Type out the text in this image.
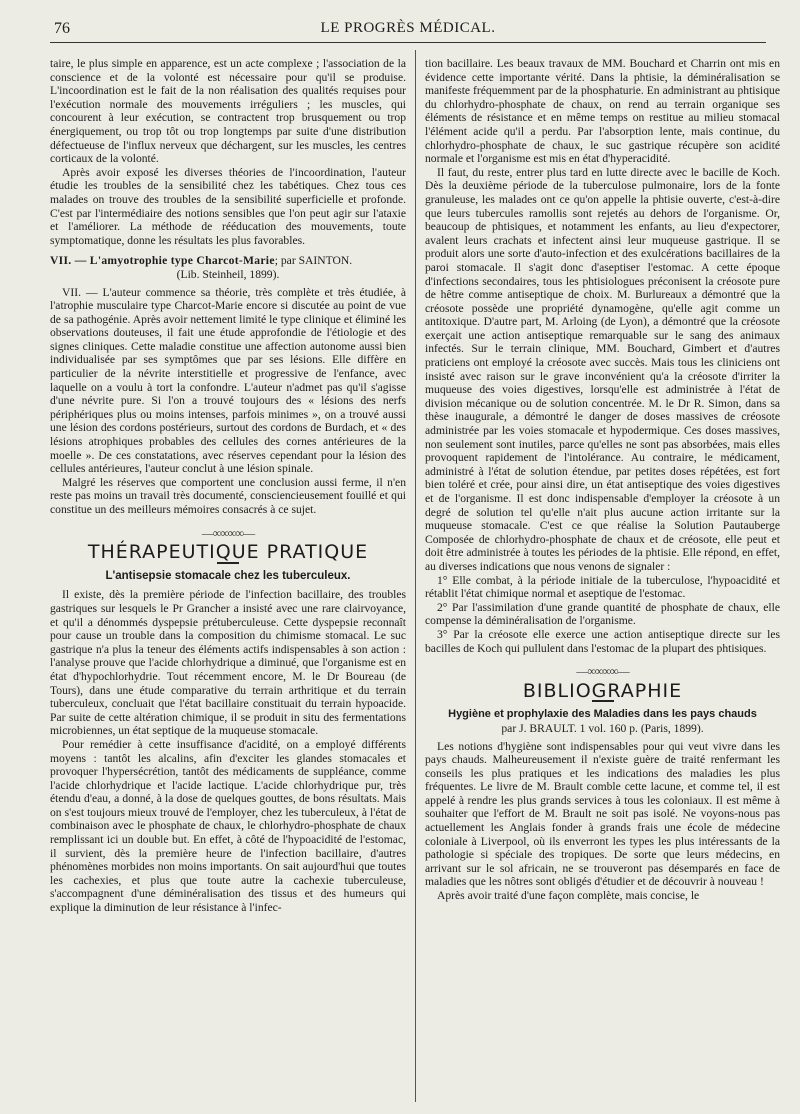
76	LE PROGRÈS MÉDICAL.

taire, le plus simple en apparence, est un acte complexe ; l'association de la conscience et de la volonté est nécessaire pour qu'il se produise. L'incoordination est le fait de la non réalisation des qualités requises pour l'exécution normale des mouvements irréguliers ; les muscles, qui concourent à leur exécution, se contractent trop brusquement ou trop énergiquement, ou trop tôt ou trop longtemps par suite d'une distribution défectueuse de l'influx nerveux que déchargent, sur les muscles, les centres corticaux de la volonté.

Après avoir exposé les diverses théories de l'incoordination, l'auteur étudie les troubles de la sensibilité chez les tabétiques. Chez tous ces malades on trouve des troubles de la sensibilité superficielle et profonde. C'est par l'intermédiaire des notions sensibles que l'on peut agir sur l'ataxie et l'améliorer. La méthode de rééducation des mouvements, toute symptomatique, donne les résultats les plus favorables.

VII. — L'amyotrophie type Charcot-Marie; par SAINTON.

(Lib. Steinheil, 1899).

VII. — L'auteur commence sa théorie, très complète et très étudiée, à l'atrophie musculaire type Charcot-Marie encore si discutée au point de vue de sa pathogénie. Après avoir nettement limité le type clinique et éliminé les observations douteuses, il fait une étude approfondie de l'étiologie et des signes cliniques. Cette maladie constitue une affection autonome aussi bien individualisée par ses symptômes que par ses lésions. Elle diffère en particulier de la névrite interstitielle et progressive de l'enfance, avec laquelle on a voulu à tort la confondre. L'auteur n'admet pas qu'il s'agisse d'une névrite pure. Si l'on a trouvé toujours des « lésions des nerfs périphériques plus ou moins intenses, parfois minimes », on a trouvé aussi une lésion des cordons postérieurs, surtout des cordons de Burdach, et « des lésions atrophiques probables des cellules des cornes antérieures de la moelle ». De ces constatations, avec réserves cependant pour la lésion des cellules antérieures, l'auteur conclut à une lésion spinale.

Malgré les réserves que comportent une conclusion aussi ferme, il n'en reste pas moins un travail très documenté, consciencieusement fouillé et qui constitue un des meilleurs mémoires consacrés à ce sujet.

—∞∞∞∞—
THÉRAPEUTIQUE PRATIQUE
L'antisepsie stomacale chez les tuberculeux.

Il existe, dès la première période de l'infection bacillaire, des troubles gastriques sur lesquels le Pr Grancher a insisté avec une rare clairvoyance, et qu'il a dénommés dyspepsie prétuberculeuse. Cette dyspepsie reconnaît pour cause un trouble dans la composition du chimisme stomacal. Le suc gastrique n'a plus la teneur des éléments actifs indispensables à son action : l'analyse prouve que l'acide chlorhydrique a diminué, que l'organisme est en état d'hypochlorhydrie. Tout récemment encore, M. le Dr Boureau (de Tours), dans une étude comparative du terrain arthritique et du terrain tuberculeux, concluait que l'état bacillaire constituait du terrain hypoacide. Par suite de cette altération chimique, il se produit in situ des fermentations microbiennes, un état septique de la muqueuse stomacale.

Pour remédier à cette insuffisance d'acidité, on a employé différents moyens : tantôt les alcalins, afin d'exciter les glandes stomacales et provoquer l'hypersécrétion, tantôt des médicaments de suppléance, comme l'acide chlorhydrique et l'acide lactique. L'acide chlorhydrique pur, très étendu d'eau, a donné, à la dose de quelques gouttes, de bons résultats. Mais on s'est toujours mieux trouvé de l'employer, chez les tuberculeux, à l'état de combinaison avec le phosphate de chaux, le chlorhydro-phosphate de chaux remplissant ici un double but. En effet, à côté de l'hypoacidité de l'estomac, il survient, dès la première heure de l'infection bacillaire, d'autres phénomènes morbides non moins importants. On sait aujourd'hui que toutes les cachexies, et plus que toute autre la cachexie tuberculeuse, s'accompagnent d'une déminéralisation des tissus et des humeurs qui explique la diminution de leur résistance à l'infec-

tion bacillaire. Les beaux travaux de MM. Bouchard et Charrin ont mis en évidence cette importante vérité. Dans la phtisie, la déminéralisation se manifeste fréquemment par de la phosphaturie. En administrant au phtisique du chlorhydro-phosphate de chaux, on rend au terrain organique ses éléments de résistance et en même temps on restitue au milieu stomacal l'élément acide qu'il a perdu. Par l'absorption lente, mais continue, du chlorhydro-phosphate de chaux, le suc gastrique récupère son acidité normale et l'organisme est mis en état d'hyperacidité.

Il faut, du reste, entrer plus tard en lutte directe avec le bacille de Koch. Dès la deuxième période de la tuberculose pulmonaire, lors de la fonte granuleuse, les malades ont ce qu'on appelle la phtisie ouverte, c'est-à-dire que leurs tubercules ramollis sont rejetés au dehors de l'organisme. Or, beaucoup de phtisiques, et notamment les enfants, au lieu d'expectorer, avalent leurs crachats et infectent ainsi leur muqueuse gastrique. Il se produit alors une sorte d'auto-infection et des exulcérations bacillaires de la paroi stomacale. Il s'agit donc d'aseptiser l'estomac. A cette époque d'infections secondaires, tous les phtisiologues préconisent la créosote pure de hêtre comme antiseptique de choix. M. Burlureaux a démontré que la créosote possède une propriété dynamogène, qu'elle agit comme un antitoxique. D'autre part, M. Arloing (de Lyon), a démontré que la créosote exerçait une action antiseptique remarquable sur le sang des animaux infectés. Sur le terrain clinique, MM. Bouchard, Gimbert et d'autres praticiens ont employé la créosote avec succès. Mais tous les cliniciens ont insisté avec raison sur le grave inconvénient qu'a la créosote d'irriter la muqueuse des voies digestives, lorsqu'elle est administrée à l'état de division mécanique ou de solution concentrée. M. le Dr R. Simon, dans sa thèse inaugurale, a démontré le danger de doses massives de créosote administrée par les voies stomacale et hypodermique. Ces doses massives, non seulement sont inutiles, parce qu'elles ne sont pas absorbées, mais elles provoquent rapidement de l'intolérance. Au contraire, le médicament, administré à l'état de solution étendue, par petites doses répétées, est fort bien toléré et crée, pour ainsi dire, un état antiseptique des voies digestives et de l'organisme. Il est donc indispensable d'employer la créosote à un degré de solution tel qu'elle n'ait plus aucune action irritante sur la muqueuse stomacale. C'est ce que réalise la Solution Pautauberge Composée de chlorhydro-phosphate de chaux et de créosote, elle peut et doit être administrée à toutes les périodes de la phtisie. Elle répond, en effet, au diverses indications que nous venons de signaler :

1° Elle combat, à la période initiale de la tuberculose, l'hypoacidité et rétablit l'état chimique normal et aseptique de l'estomac.

2° Par l'assimilation d'une grande quantité de phosphate de chaux, elle compense la déminéralisation de l'organisme.

3° Par la créosote elle exerce une action antiseptique directe sur les bacilles de Koch qui pullulent dans l'estomac de la plupart des phtisiques.

—∞∞∞∞—
BIBLIOGRAPHIE
Hygiène et prophylaxie des Maladies dans les pays chauds

par J. BRAULT. 1 vol. 160 p. (Paris, 1899).

Les notions d'hygiène sont indispensables pour qui veut vivre dans les pays chauds. Malheureusement il n'existe guère de traité renfermant les conseils les plus pratiques et les indications des maladies les plus fréquentes. Le livre de M. Brault comble cette lacune, et comme tel, il est appelé à rendre les plus grands services à tous les coloniaux. Il est même à souhaiter que l'effort de M. Brault ne soit pas isolé. Ne voyons-nous pas actuellement les Anglais fonder à grands frais une école de médecine coloniale à Liverpool, où ils enverront les types les plus intéressants de la pathologie si spéciale des tropiques. De sorte que leurs médecins, en arrivant sur le sol africain, ne se trouveront pas désemparés en face de maladies que les nôtres sont obligés d'étudier et de découvrir à nouveau !

Après avoir traité d'une façon complète, mais concise, le
